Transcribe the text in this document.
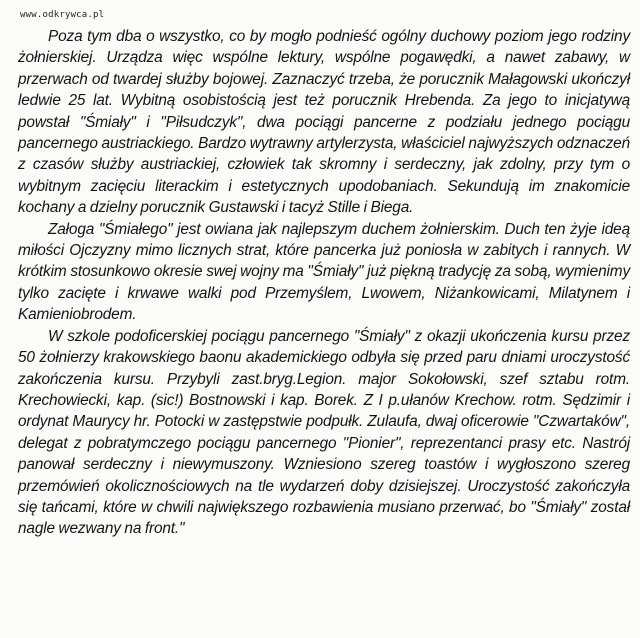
www.odkrywca.pl

Poza tym dba o wszystko, co by mogło podnieść ogólny duchowy poziom jego rodziny żołnierskiej. Urządza więc wspólne lektury, wspólne pogawędki, a nawet zabawy, w przerwach od twardej służby bojowej. Zaznaczyć trzeba, że porucznik Małagowski ukończył ledwie 25 lat. Wybitną osobistością jest też porucznik Hrebenda. Za jego to inicjatywą powstał "Śmiały" i "Piłsudczyk", dwa pociągi pancerne z podziału jednego pociągu pancernego austriackiego. Bardzo wytrawny artylerzysta, właściciel najwyższych odznaczeń z czasów służby austriackiej, człowiek tak skromny i serdeczny, jak zdolny, przy tym o wybitnym zacięciu literackim i estetycznych upodobaniach. Sekundują im znakomicie kochany a dzielny porucznik Gustawski i tacyż Stille i Biega.

Załoga "Śmiałego" jest owiana jak najlepszym duchem żołnierskim. Duch ten żyje ideą miłości Ojczyzny mimo licznych strat, które pancerka już poniosła w zabitych i rannych. W krótkim stosunkowo okresie swej wojny ma "Śmiały" już piękną tradycję za sobą, wymienimy tylko zacięte i krwawe walki pod Przemyślem, Lwowem, Niżankowicami, Milatynem i Kamieniobrodem.

W szkole podoficerskiej pociągu pancernego "Śmiały" z okazji ukończenia kursu przez 50 żołnierzy krakowskiego baonu akademickiego odbyła się przed paru dniami uroczystość zakończenia kursu. Przybyli zast.bryg.Legion. major Sokołowski, szef sztabu rotm. Krechowiecki, kap. (sic!) Bostnowski i kap. Borek. Z I p.ułanów Krechow. rotm. Sędzimir i ordynat Maurycy hr. Potocki w zastępstwie podpułk. Zulaufa, dwaj oficerowie "Czwartaków", delegat z pobratymczego pociągu pancernego "Pionier", reprezentanci prasy etc. Nastrój panował serdeczny i niewymuszony. Wzniesiono szereg toastów i wygłoszono szereg przemówień okolicznościowych na tle wydarzeń doby dzisiejszej. Uroczystość zakończyła się tańcami, które w chwili największego rozbawienia musiano przerwać, bo "Śmiały" został nagle wezwany na front."
